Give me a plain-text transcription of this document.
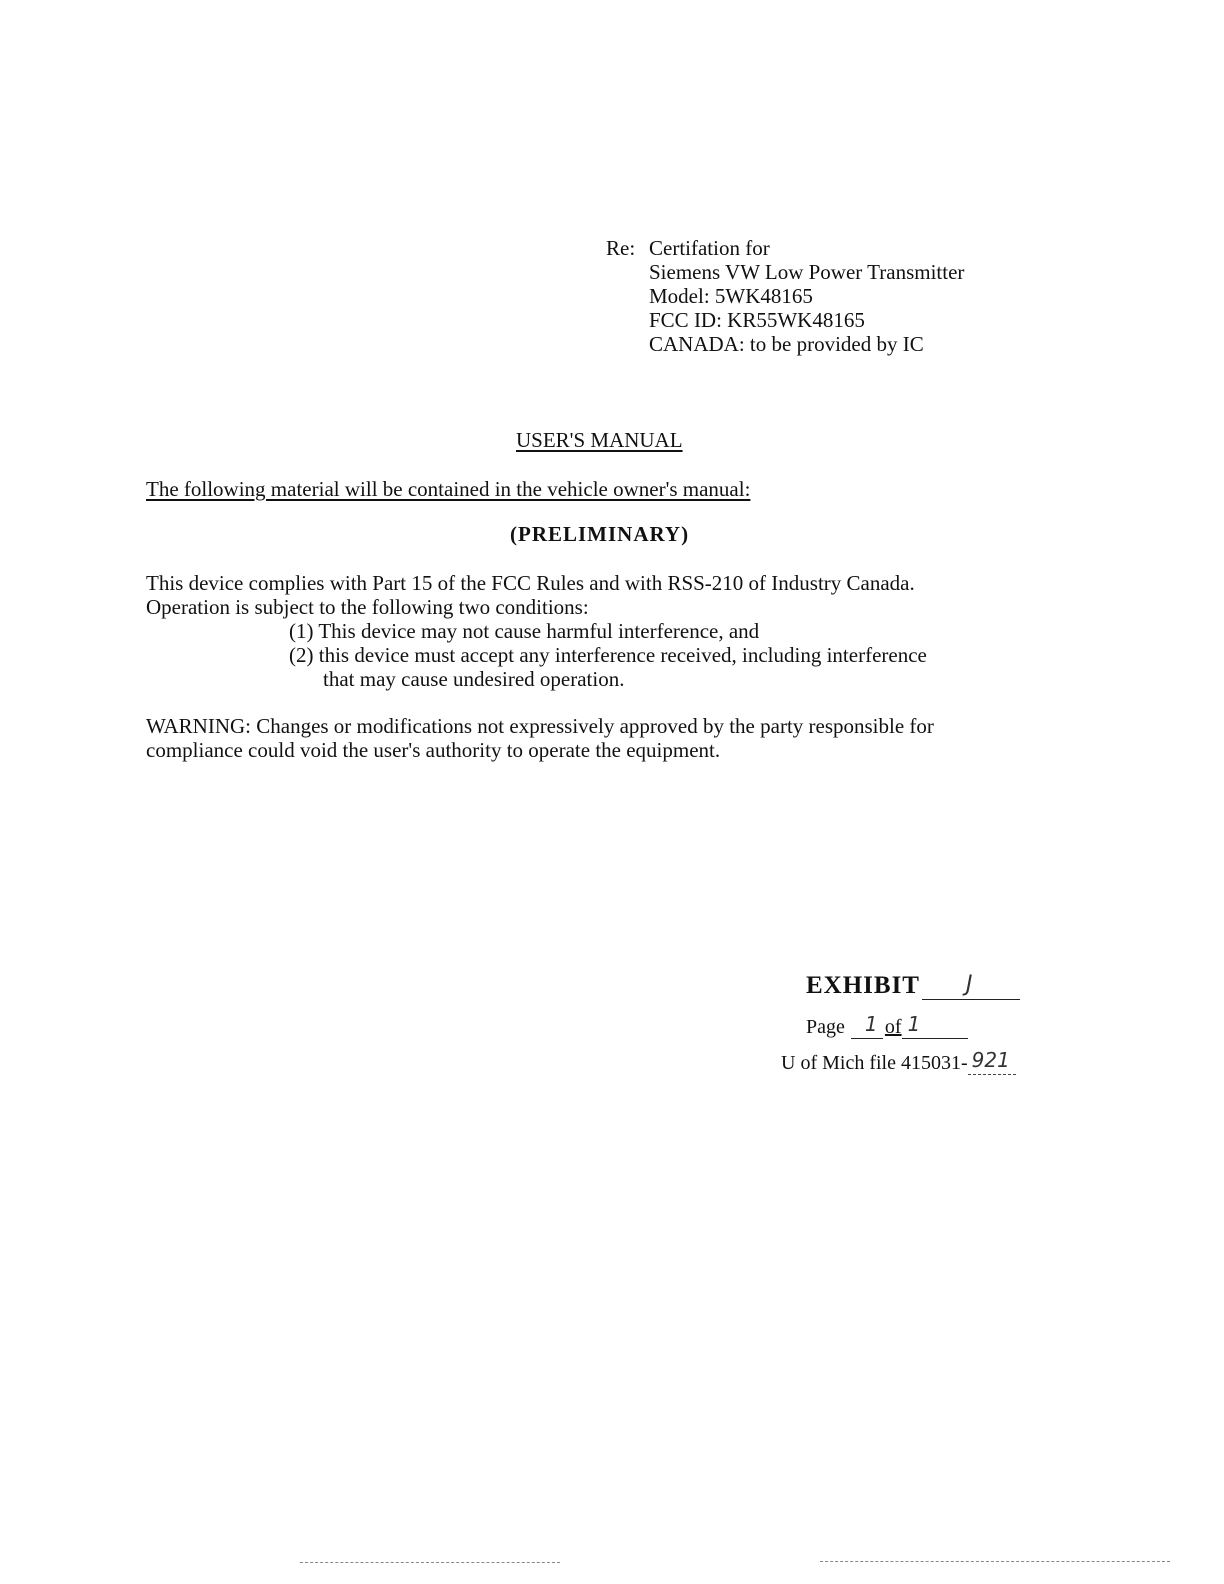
Re: Certifation for
Siemens VW Low Power Transmitter
Model: 5WK48165
FCC ID: KR55WK48165
CANADA: to be provided by IC
USER'S MANUAL
The following material will be contained in the vehicle owner's manual:
(PRELIMINARY)
This device complies with Part 15 of the FCC Rules and with RSS-210 of Industry Canada.
Operation is subject to the following two conditions:
(1) This device may not cause harmful interference, and
(2) this device must accept any interference received, including interference
that may cause undesired operation.
WARNING: Changes or modifications not expressively approved by the party responsible for
compliance could void the user's authority to operate the equipment.
EXHIBIT J
Page 1 of 1
U of Mich file 415031- 921
